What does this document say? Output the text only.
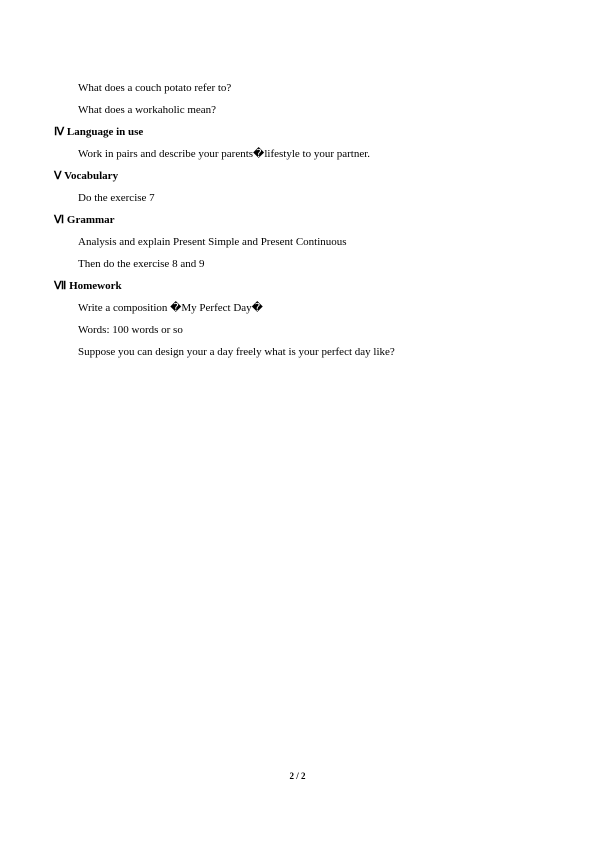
What does a couch potato refer to?
What does a workaholic mean?
Ⅳ Language in use
Work in pairs and describe your parents�lifestyle to your partner.
Ⅴ Vocabulary
Do the exercise 7
Ⅵ Grammar
Analysis and explain Present Simple and Present Continuous
Then do the exercise 8 and 9
Ⅶ Homework
Write a composition �My Perfect Day�
Words: 100 words or so
Suppose you can design your a day freely what is your perfect day like?
2 / 2
